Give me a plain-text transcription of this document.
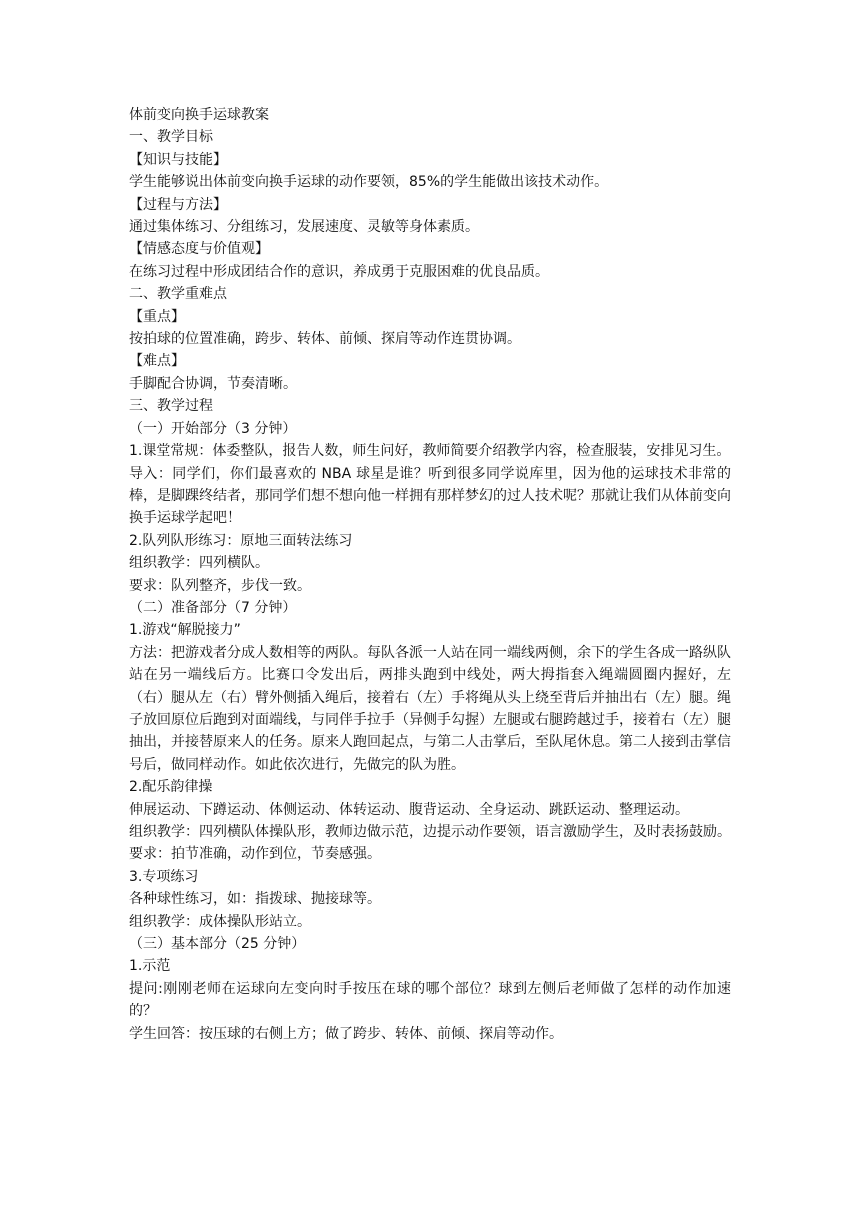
体前变向换手运球教案
一、教学目标
【知识与技能】
学生能够说出体前变向换手运球的动作要领，85%的学生能做出该技术动作。
【过程与方法】
通过集体练习、分组练习，发展速度、灵敏等身体素质。
【情感态度与价值观】
在练习过程中形成团结合作的意识，养成勇于克服困难的优良品质。
二、教学重难点
【重点】
按拍球的位置准确，跨步、转体、前倾、探肩等动作连贯协调。
【难点】
手脚配合协调，节奏清晰。
三、教学过程
（一）开始部分（3 分钟）
1.课堂常规：体委整队，报告人数，师生问好，教师简要介绍教学内容，检查服装，安排见习生。
导入：同学们，你们最喜欢的 NBA 球星是谁？听到很多同学说库里，因为他的运球技术非常的棒，是脚踝终结者，那同学们想不想向他一样拥有那样梦幻的过人技术呢？那就让我们从体前变向换手运球学起吧！
2.队列队形练习：原地三面转法练习
组织教学：四列横队。
要求：队列整齐，步伐一致。
（二）准备部分（7 分钟）
1.游戏“解脱接力”
方法：把游戏者分成人数相等的两队。每队各派一人站在同一端线两侧，余下的学生各成一路纵队站在另一端线后方。比赛口令发出后，两排头跑到中线处，两大拇指套入绳端圆圈内握好，左（右）腿从左（右）臂外侧插入绳后，接着右（左）手将绳从头上绕至背后并抽出右（左）腿。绳子放回原位后跑到对面端线，与同伴手拉手（异侧手勾握）左腿或右腿跨越过手，接着右（左）腿抽出，并接替原来人的任务。原来人跑回起点，与第二人击掌后，至队尾休息。第二人接到击掌信号后，做同样动作。如此依次进行，先做完的队为胜。
2.配乐韵律操
伸展运动、下蹲运动、体侧运动、体转运动、腹背运动、全身运动、跳跃运动、整理运动。
组织教学：四列横队体操队形，教师边做示范，边提示动作要领，语言激励学生，及时表扬鼓励。
要求：拍节准确，动作到位，节奏感强。
3.专项练习
各种球性练习，如：指拨球、抛接球等。
组织教学：成体操队形站立。
（三）基本部分（25 分钟）
1.示范
提问:刚刚老师在运球向左变向时手按压在球的哪个部位？球到左侧后老师做了怎样的动作加速的？
学生回答：按压球的右侧上方；做了跨步、转体、前倾、探肩等动作。
